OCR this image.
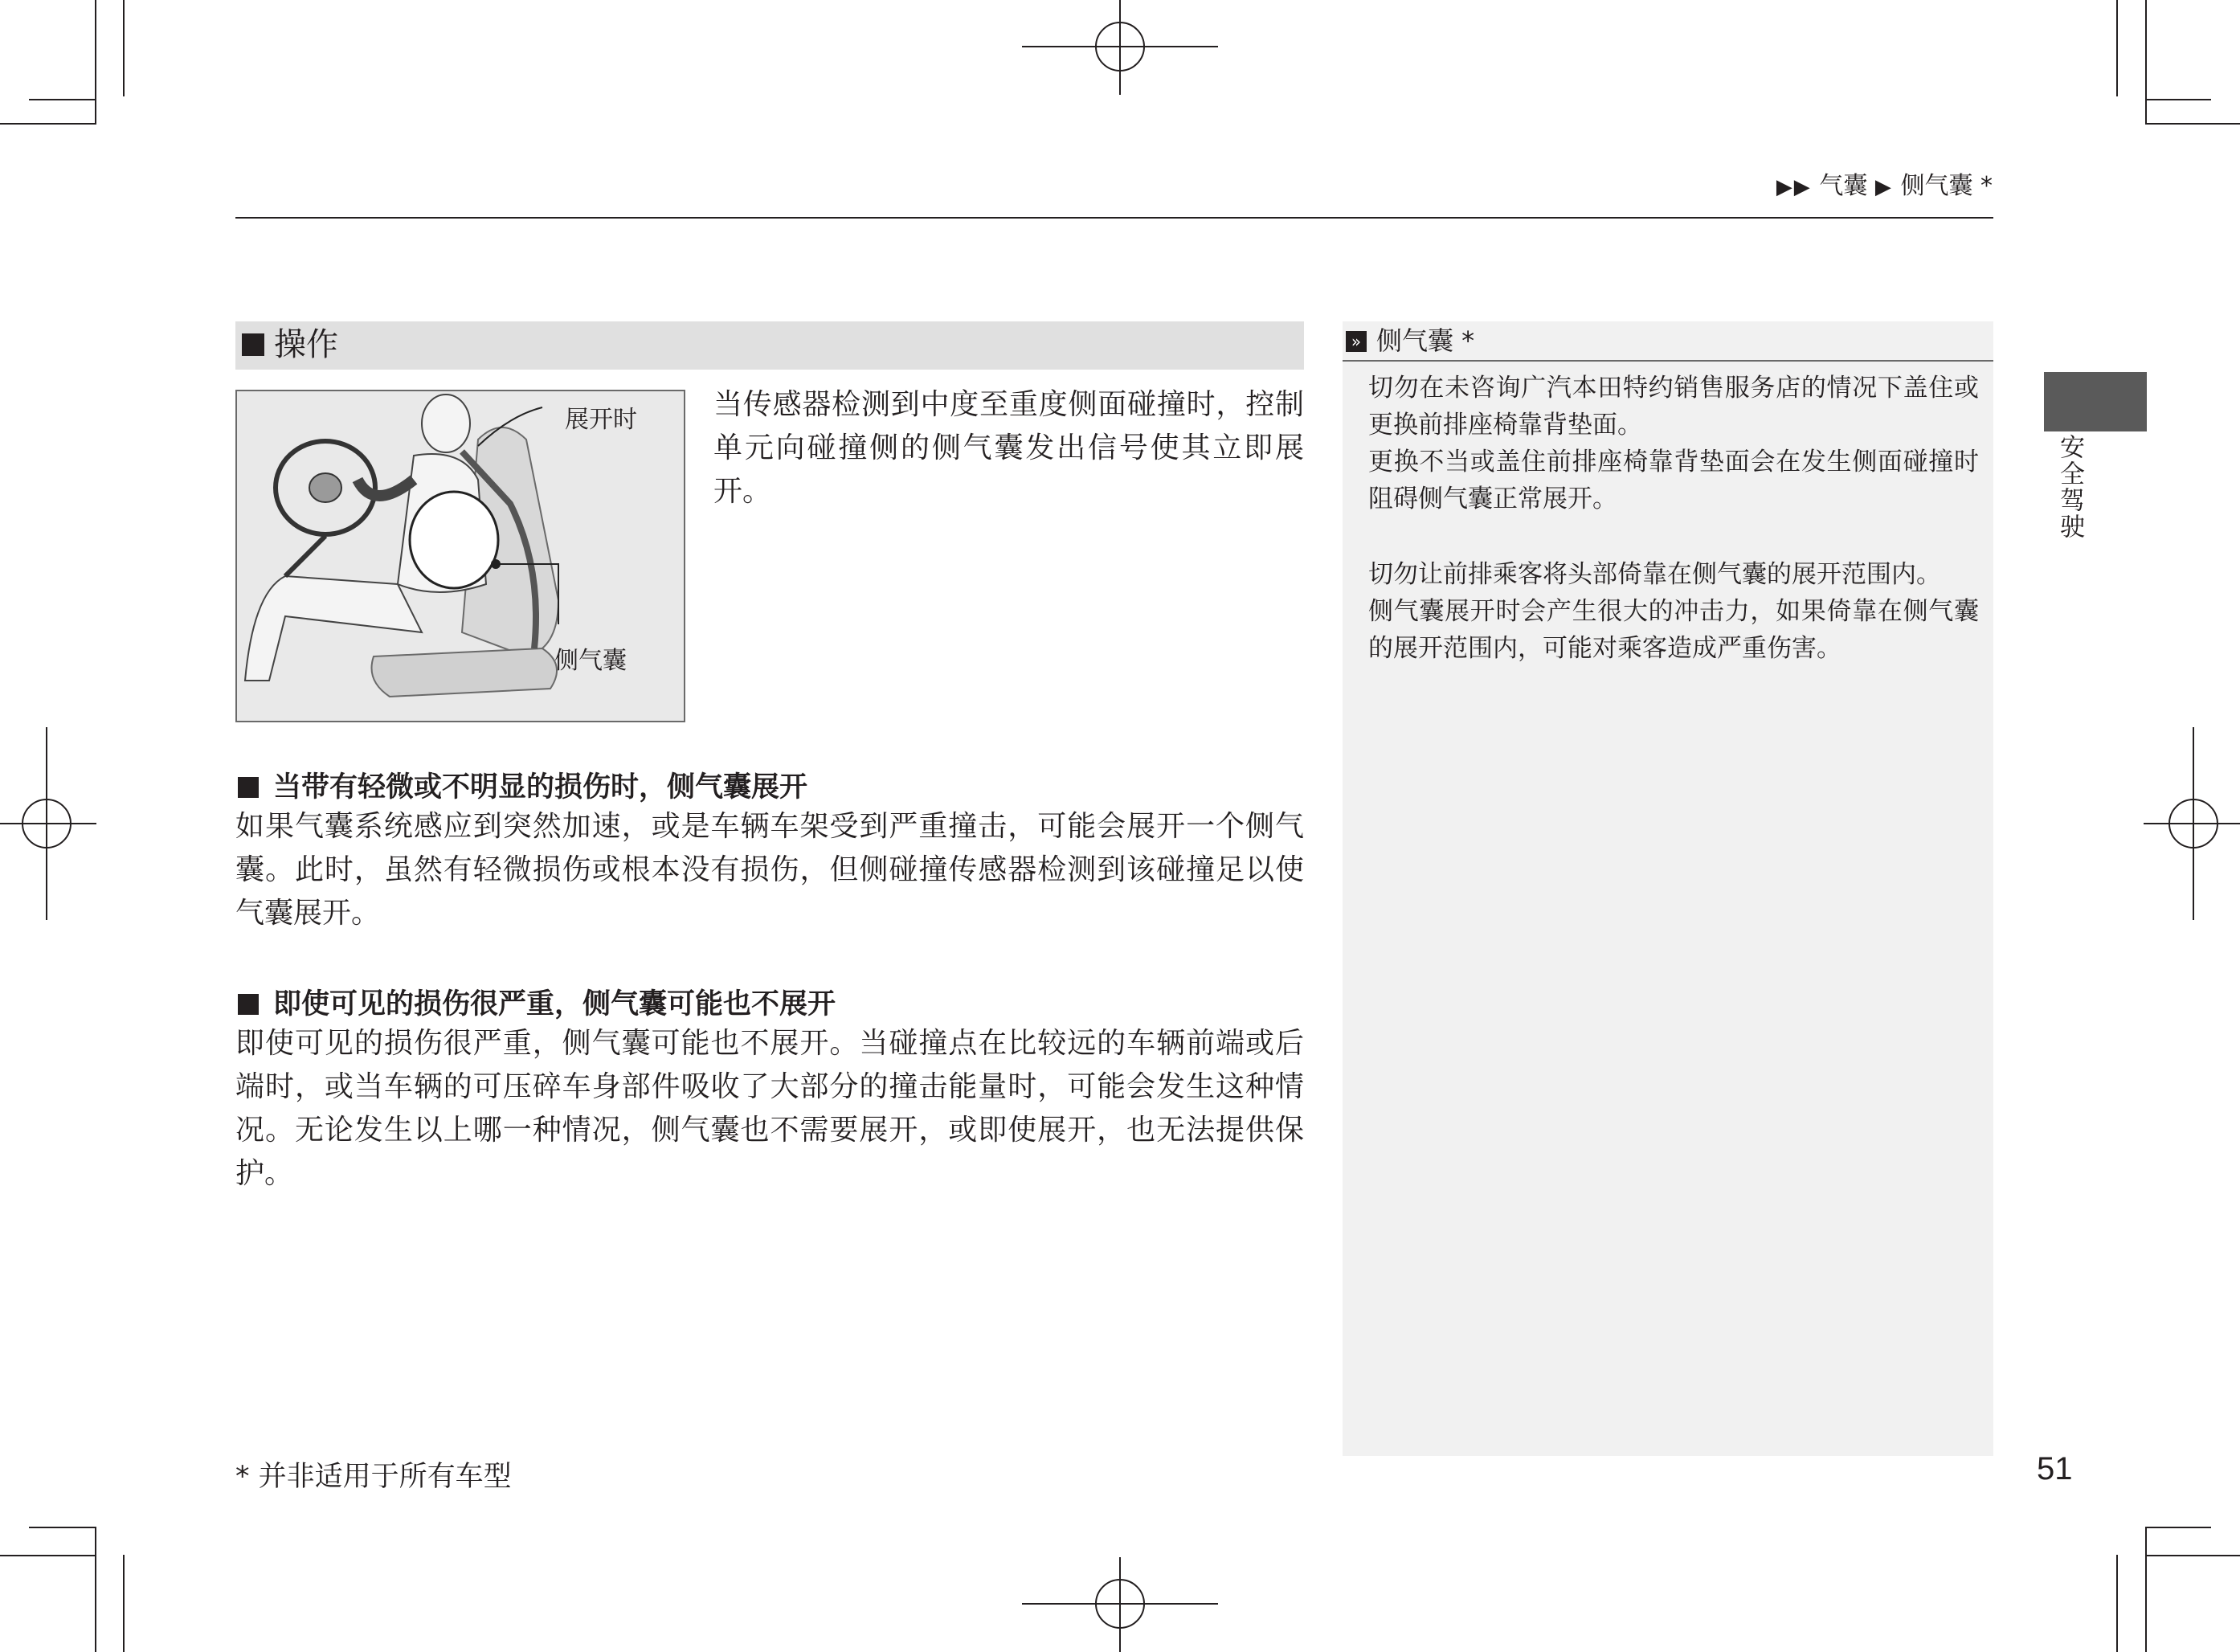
▶▶ 气囊 ▶ 侧气囊 *
操作
展开时
侧气囊
当传感器检测到中度至重度侧面碰撞时，控制单元向碰撞侧的侧气囊发出信号使其立即展开。
当带有轻微或不明显的损伤时，侧气囊展开
如果气囊系统感应到突然加速，或是车辆车架受到严重撞击，可能会展开一个侧气囊。此时，虽然有轻微损伤或根本没有损伤，但侧碰撞传感器检测到该碰撞足以使气囊展开。
即使可见的损伤很严重，侧气囊可能也不展开
即使可见的损伤很严重，侧气囊可能也不展开。当碰撞点在比较远的车辆前端或后端时，或当车辆的可压碎车身部件吸收了大部分的撞击能量时，可能会发生这种情况。无论发生以上哪一种情况，侧气囊也不需要展开，或即使展开，也无法提供保护。
» 侧气囊 *
切勿在未咨询广汽本田特约销售服务店的情况下盖住或更换前排座椅靠背垫面。
更换不当或盖住前排座椅靠背垫面会在发生侧面碰撞时阻碍侧气囊正常展开。
切勿让前排乘客将头部倚靠在侧气囊的展开范围内。
侧气囊展开时会产生很大的冲击力，如果倚靠在侧气囊的展开范围内，可能对乘客造成严重伤害。
安全驾驶
* 并非适用于所有车型	51
